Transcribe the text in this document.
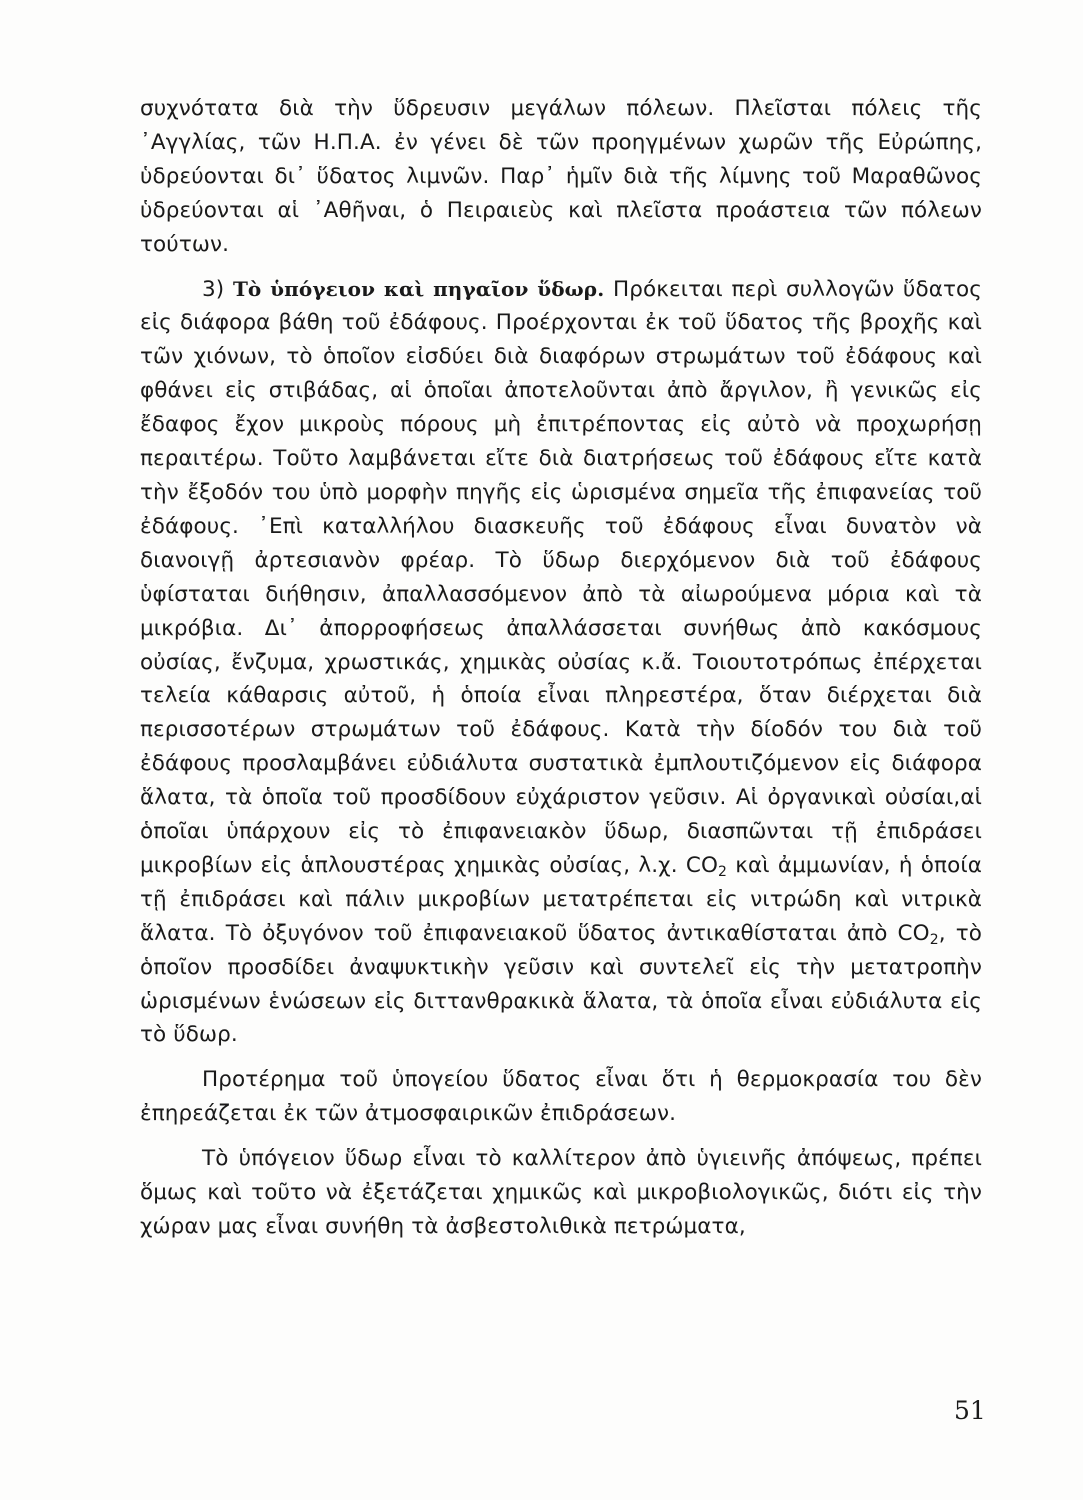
συχνότατα διὰ τὴν ὕδρευσιν μεγάλων πόλεων. Πλεῖσται πόλεις τῆς ᾿Αγγλίας, τῶν Η.Π.Α. ἐν γένει δὲ τῶν προηγμένων χωρῶν τῆς Εὐρώπης, ὑδρεύονται δι᾿ ὕδατος λιμνῶν. Παρ᾿ ἡμῖν διὰ τῆς λίμνης τοῦ Μαραθῶνος ὑδρεύονται αἱ ᾿Αθῆναι, ὁ Πειραιεὺς καὶ πλεῖστα προάστεια τῶν πόλεων τούτων.

3) Τὸ ὑπόγειον καὶ πηγαῖον ὕδωρ. Πρόκειται περὶ συλλογῶν ὕδατος εἰς διάφορα βάθη τοῦ ἐδάφους. Προέρχονται ἐκ τοῦ ὕδατος τῆς βροχῆς καὶ τῶν χιόνων, τὸ ὁποῖον εἰσδύει διὰ διαφόρων στρωμάτων τοῦ ἐδάφους καὶ φθάνει εἰς στιβάδας, αἱ ὁποῖαι ἀποτελοῦνται ἀπὸ ἄργιλον, ἢ γενικῶς εἰς ἔδαφος ἔχον μικροὺς πόρους μὴ ἐπιτρέποντας εἰς αὐτὸ νὰ προχωρήσῃ περαιτέρω. Τοῦτο λαμβάνεται εἴτε διὰ διατρήσεως τοῦ ἐδάφους εἴτε κατὰ τὴν ἔξοδόν του ὑπὸ μορφὴν πηγῆς εἰς ὡρισμένα σημεῖα τῆς ἐπιφανείας τοῦ ἐδάφους. ᾿Επὶ καταλλήλου διασκευῆς τοῦ ἐδάφους εἶναι δυνατὸν νὰ διανοιγῇ ἀρτεσιανὸν φρέαρ. Τὸ ὕδωρ διερχόμενον διὰ τοῦ ἐδάφους ὑφίσταται διήθησιν, ἀπαλλασσόμενον ἀπὸ τὰ αἰωρούμενα μόρια καὶ τὰ μικρόβια. Δι᾿ ἀπορροφήσεως ἀπαλλάσσεται συνήθως ἀπὸ κακόσμους οὐσίας, ἔνζυμα, χρωστικάς, χημικὰς οὐσίας κ.ἄ. Τοιουτοτρόπως ἐπέρχεται τελεία κάθαρσις αὐτοῦ, ἡ ὁποία εἶναι πληρεστέρα, ὅταν διέρχεται διὰ περισσοτέρων στρωμάτων τοῦ ἐδάφους. Κατὰ τὴν δίοδόν του διὰ τοῦ ἐδάφους προσλαμβάνει εὐδιάλυτα συστατικὰ ἐμπλουτιζόμενον εἰς διάφορα ἅλατα, τὰ ὁποῖα τοῦ προσδίδουν εὐχάριστον γεῦσιν. Αἱ ὀργανικαὶ οὐσίαι,αἱ ὁποῖαι ὑπάρχουν εἰς τὸ ἐπιφανειακὸν ὕδωρ, διασπῶνται τῇ ἐπιδράσει μικροβίων εἰς ἁπλουστέρας χημικὰς οὐσίας, λ.χ. $CO_2$ καὶ ἀμμωνίαν, ἡ ὁποία τῇ ἐπιδράσει καὶ πάλιν μικροβίων μετατρέπεται εἰς νιτρώδη καὶ νιτρικὰ ἅλατα. Τὸ ὀξυγόνον τοῦ ἐπιφανειακοῦ ὕδατος ἀντικαθίσταται ἀπὸ $CO_2$, τὸ ὁποῖον προσδίδει ἀναψυκτικὴν γεῦσιν καὶ συντελεῖ εἰς τὴν μετατροπὴν ὡρισμένων ἑνώσεων εἰς διττανθρακικὰ ἅλατα, τὰ ὁποῖα εἶναι εὐδιάλυτα εἰς τὸ ὕδωρ.

Προτέρημα τοῦ ὑπογείου ὕδατος εἶναι ὅτι ἡ θερμοκρασία του δὲν ἐπηρεάζεται ἐκ τῶν ἀτμοσφαιρικῶν ἐπιδράσεων.

Τὸ ὑπόγειον ὕδωρ εἶναι τὸ καλλίτερον ἀπὸ ὑγιεινῆς ἀπόψεως, πρέπει ὅμως καὶ τοῦτο νὰ ἐξετάζεται χημικῶς καὶ μικροβιολογικῶς, διότι εἰς τὴν χώραν μας εἶναι συνήθη τὰ ἀσβεστολιθικὰ πετρώματα,

51
